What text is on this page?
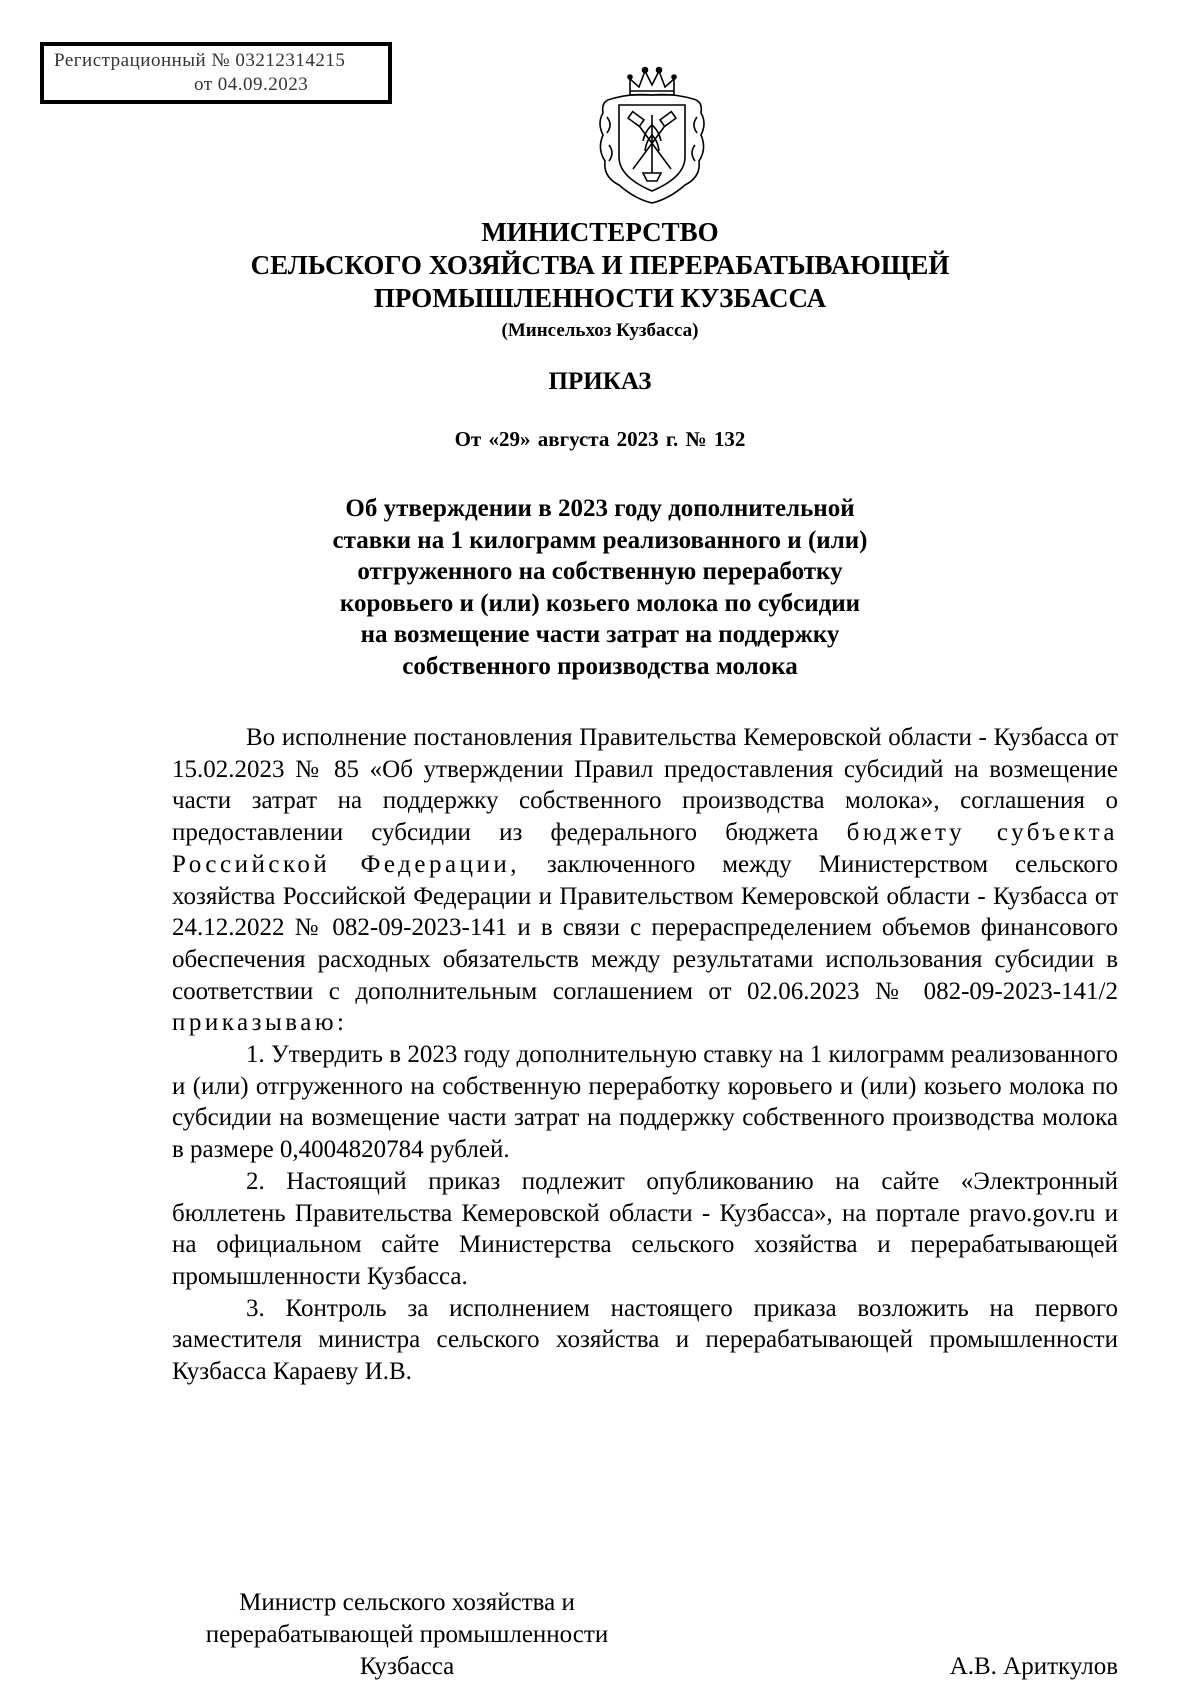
Регистрационный № 03212314215
от 04.09.2023
МИНИСТЕРСТВО
СЕЛЬСКОГО ХОЗЯЙСТВА И ПЕРЕРАБАТЫВАЮЩЕЙ
ПРОМЫШЛЕННОСТИ КУЗБАССА
(Минсельхоз Кузбасса)
ПРИКАЗ
От «29» августа 2023 г. № 132
Об утверждении в 2023 году дополнительной
ставки на 1 килограмм реализованного и (или)
отгруженного на собственную переработку
коровьего и (или) козьего молока по субсидии
на возмещение части затрат на поддержку
собственного производства молока

Во исполнение постановления Правительства Кемеровской области - Кузбасса от 15.02.2023 № 85 «Об утверждении Правил предоставления субсидий на возмещение части затрат на поддержку собственного производства молока», соглашения о предоставлении субсидии из федерального бюджета бюджету субъекта Российской Федерации, заключенного между Министерством сельского хозяйства Российской Федерации и Правительством Кемеровской области - Кузбасса от 24.12.2022 № 082-09-2023-141 и в связи с перераспределением объемов финансового обеспечения расходных обязательств между результатами использования субсидии в соответствии с дополнительным соглашением от 02.06.2023 № 082-09-2023-141/2 приказываю:

1. Утвердить в 2023 году дополнительную ставку на 1 килограмм реализованного и (или) отгруженного на собственную переработку коровьего и (или) козьего молока по субсидии на возмещение части затрат на поддержку собственного производства молока в размере 0,4004820784 рублей.

2. Настоящий приказ подлежит опубликованию на сайте «Электронный бюллетень Правительства Кемеровской области - Кузбасса», на портале pravo.gov.ru и на официальном сайте Министерства сельского хозяйства и перерабатывающей промышленности Кузбасса.

3. Контроль за исполнением настоящего приказа возложить на первого заместителя министра сельского хозяйства и перерабатывающей промышленности Кузбасса Караеву И.В.

Министр сельского хозяйства и
перерабатывающей промышленности
Кузбасса	А.В. Ариткулов
